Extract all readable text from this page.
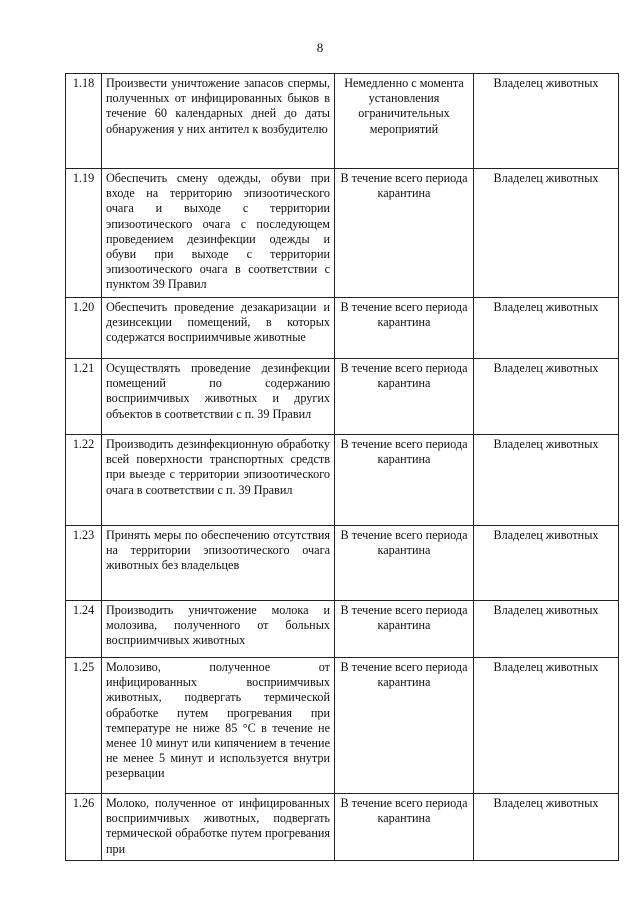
8
1.18	Произвести уничтожение запасов спермы, полученных от инфицированных быков в течение 60 календарных дней до даты обнаружения у них антител к возбудителю	Немедленно с момента установления ограничительных мероприятий	Владелец животных
1.19	Обеспечить смену одежды, обуви при входе на территорию эпизоотического очага и выходе с территории эпизоотического очага с последующем проведением дезинфекции одежды и обуви при выходе с территории эпизоотического очага в соответствии с пунктом 39 Правил	В течение всего периода карантина	Владелец животных
1.20	Обеспечить проведение дезакаризации и дезинсекции помещений, в которых содержатся восприимчивые животные	В течение всего периода карантина	Владелец животных
1.21	Осуществлять проведение дезинфекции помещений по содержанию восприимчивых животных и других объектов в соответствии с п. 39 Правил	В течение всего периода карантина	Владелец животных
1.22	Производить дезинфекционную обработку всей поверхности транспортных средств при выезде с территории эпизоотического очага в соответствии с п. 39 Правил	В течение всего периода карантина	Владелец животных
1.23	Принять меры по обеспечению отсутствия на территории эпизоотического очага животных без владельцев	В течение всего периода карантина	Владелец животных
1.24	Производить уничтожение молока и молозива, полученного от больных восприимчивых животных	В течение всего периода карантина	Владелец животных
1.25	Молозиво, полученное от инфицированных восприимчивых животных, подвергать термической обработке путем прогревания при температуре не ниже 85 °С в течение не менее 10 минут или кипячением в течение не менее 5 минут и используется внутри резервации	В течение всего периода карантина	Владелец животных
1.26	Молоко, полученное от инфицированных восприимчивых животных, подвергать термической обработке путем прогревания при	В течение всего периода карантина	Владелец животных
